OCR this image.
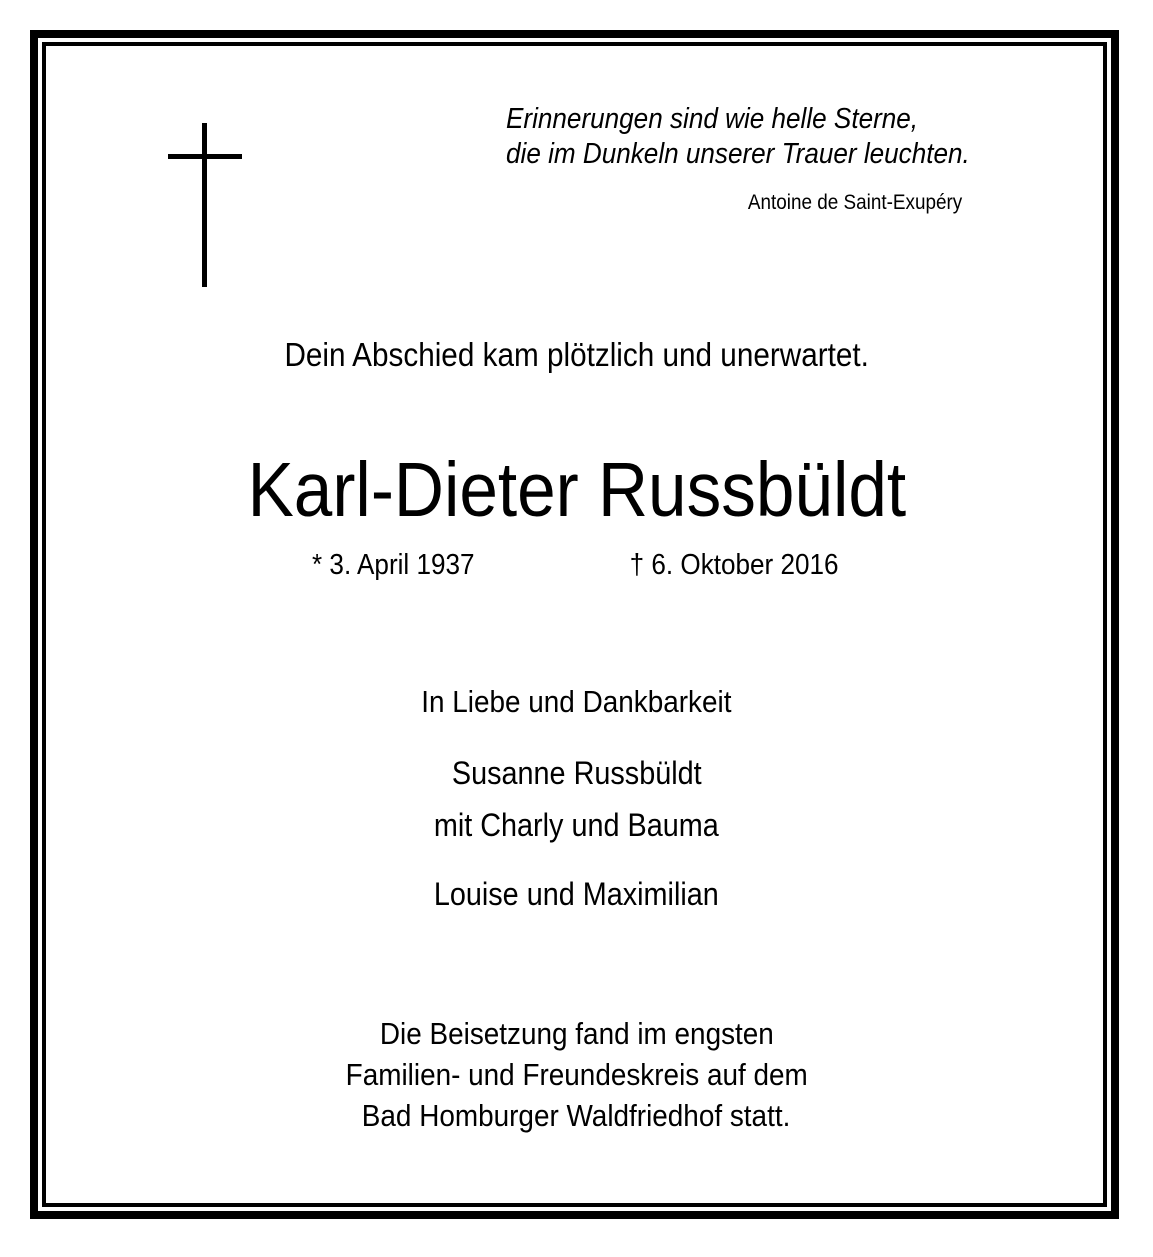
Erinnerungen sind wie helle Sterne,
die im Dunkeln unserer Trauer leuchten.
Antoine de Saint-Exupéry
Dein Abschied kam plötzlich und unerwartet.
Karl-Dieter Russbüldt
* 3. April 1937	† 6. Oktober 2016
In Liebe und Dankbarkeit
Susanne Russbüldt
mit Charly und Bauma
Louise und Maximilian
Die Beisetzung fand im engsten
Familien- und Freundeskreis auf dem
Bad Homburger Waldfriedhof statt.
